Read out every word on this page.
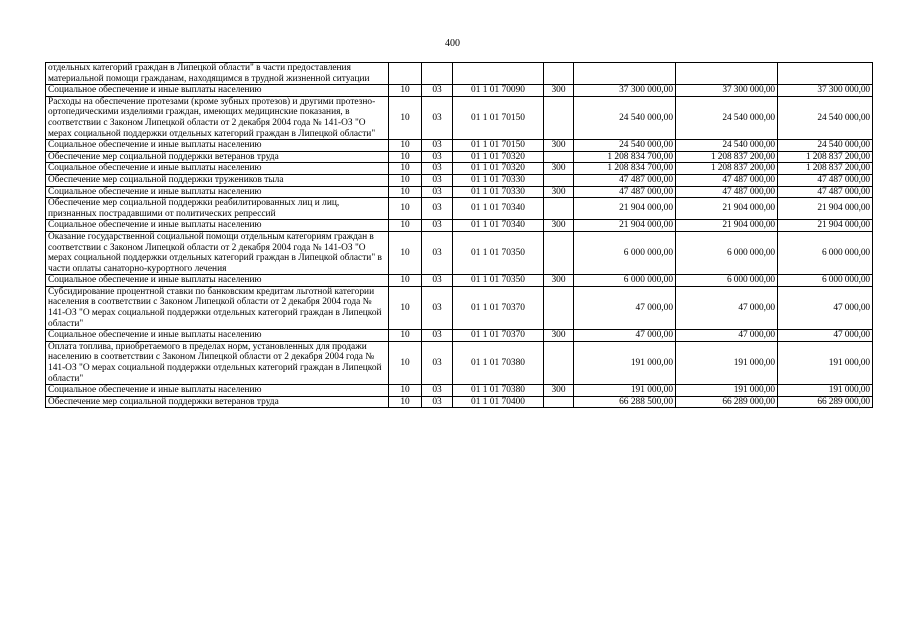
400
отдельных категорий граждан в Липецкой области" в части предоставления материальной помощи гражданам, находящимся в трудной жизненной ситуации							
Социальное обеспечение и иные выплаты населению	10	03	01 1 01 70090	300	37 300 000,00	37 300 000,00	37 300 000,00
Расходы на обеспечение протезами (кроме зубных протезов) и другими протезно-ортопедическими изделиями граждан, имеющих медицинские показания, в соответствии с Законом Липецкой области от 2 декабря 2004 года № 141-ОЗ "О мерах социальной поддержки отдельных категорий граждан в Липецкой области"	10	03	01 1 01 70150		24 540 000,00	24 540 000,00	24 540 000,00
Социальное обеспечение и иные выплаты населению	10	03	01 1 01 70150	300	24 540 000,00	24 540 000,00	24 540 000,00
Обеспечение мер социальной поддержки ветеранов труда	10	03	01 1 01 70320		1 208 834 700,00	1 208 837 200,00	1 208 837 200,00
Социальное обеспечение и иные выплаты населению	10	03	01 1 01 70320	300	1 208 834 700,00	1 208 837 200,00	1 208 837 200,00
Обеспечение мер социальной поддержки тружеников тыла	10	03	01 1 01 70330		47 487 000,00	47 487 000,00	47 487 000,00
Социальное обеспечение и иные выплаты населению	10	03	01 1 01 70330	300	47 487 000,00	47 487 000,00	47 487 000,00
Обеспечение мер социальной поддержки реабилитированных лиц и лиц, признанных пострадавшими от политических репрессий	10	03	01 1 01 70340		21 904 000,00	21 904 000,00	21 904 000,00
Социальное обеспечение и иные выплаты населению	10	03	01 1 01 70340	300	21 904 000,00	21 904 000,00	21 904 000,00
Оказание государственной социальной помощи отдельным категориям граждан в соответствии с Законом Липецкой области от 2 декабря 2004 года № 141-ОЗ "О мерах социальной поддержки отдельных категорий граждан в Липецкой области" в части оплаты санаторно-курортного лечения	10	03	01 1 01 70350		6 000 000,00	6 000 000,00	6 000 000,00
Социальное обеспечение и иные выплаты населению	10	03	01 1 01 70350	300	6 000 000,00	6 000 000,00	6 000 000,00
Субсидирование процентной ставки по банковским кредитам льготной категории населения в соответствии с Законом Липецкой области от 2 декабря 2004 года № 141-ОЗ "О мерах социальной поддержки отдельных категорий граждан в Липецкой области"	10	03	01 1 01 70370		47 000,00	47 000,00	47 000,00
Социальное обеспечение и иные выплаты населению	10	03	01 1 01 70370	300	47 000,00	47 000,00	47 000,00
Оплата топлива, приобретаемого в пределах норм, установленных для продажи населению в соответствии с Законом Липецкой области от 2 декабря 2004 года № 141-ОЗ "О мерах социальной поддержки отдельных категорий граждан в Липецкой области"	10	03	01 1 01 70380		191 000,00	191 000,00	191 000,00
Социальное обеспечение и иные выплаты населению	10	03	01 1 01 70380	300	191 000,00	191 000,00	191 000,00
Обеспечение мер социальной поддержки ветеранов труда	10	03	01 1 01 70400		66 288 500,00	66 289 000,00	66 289 000,00
